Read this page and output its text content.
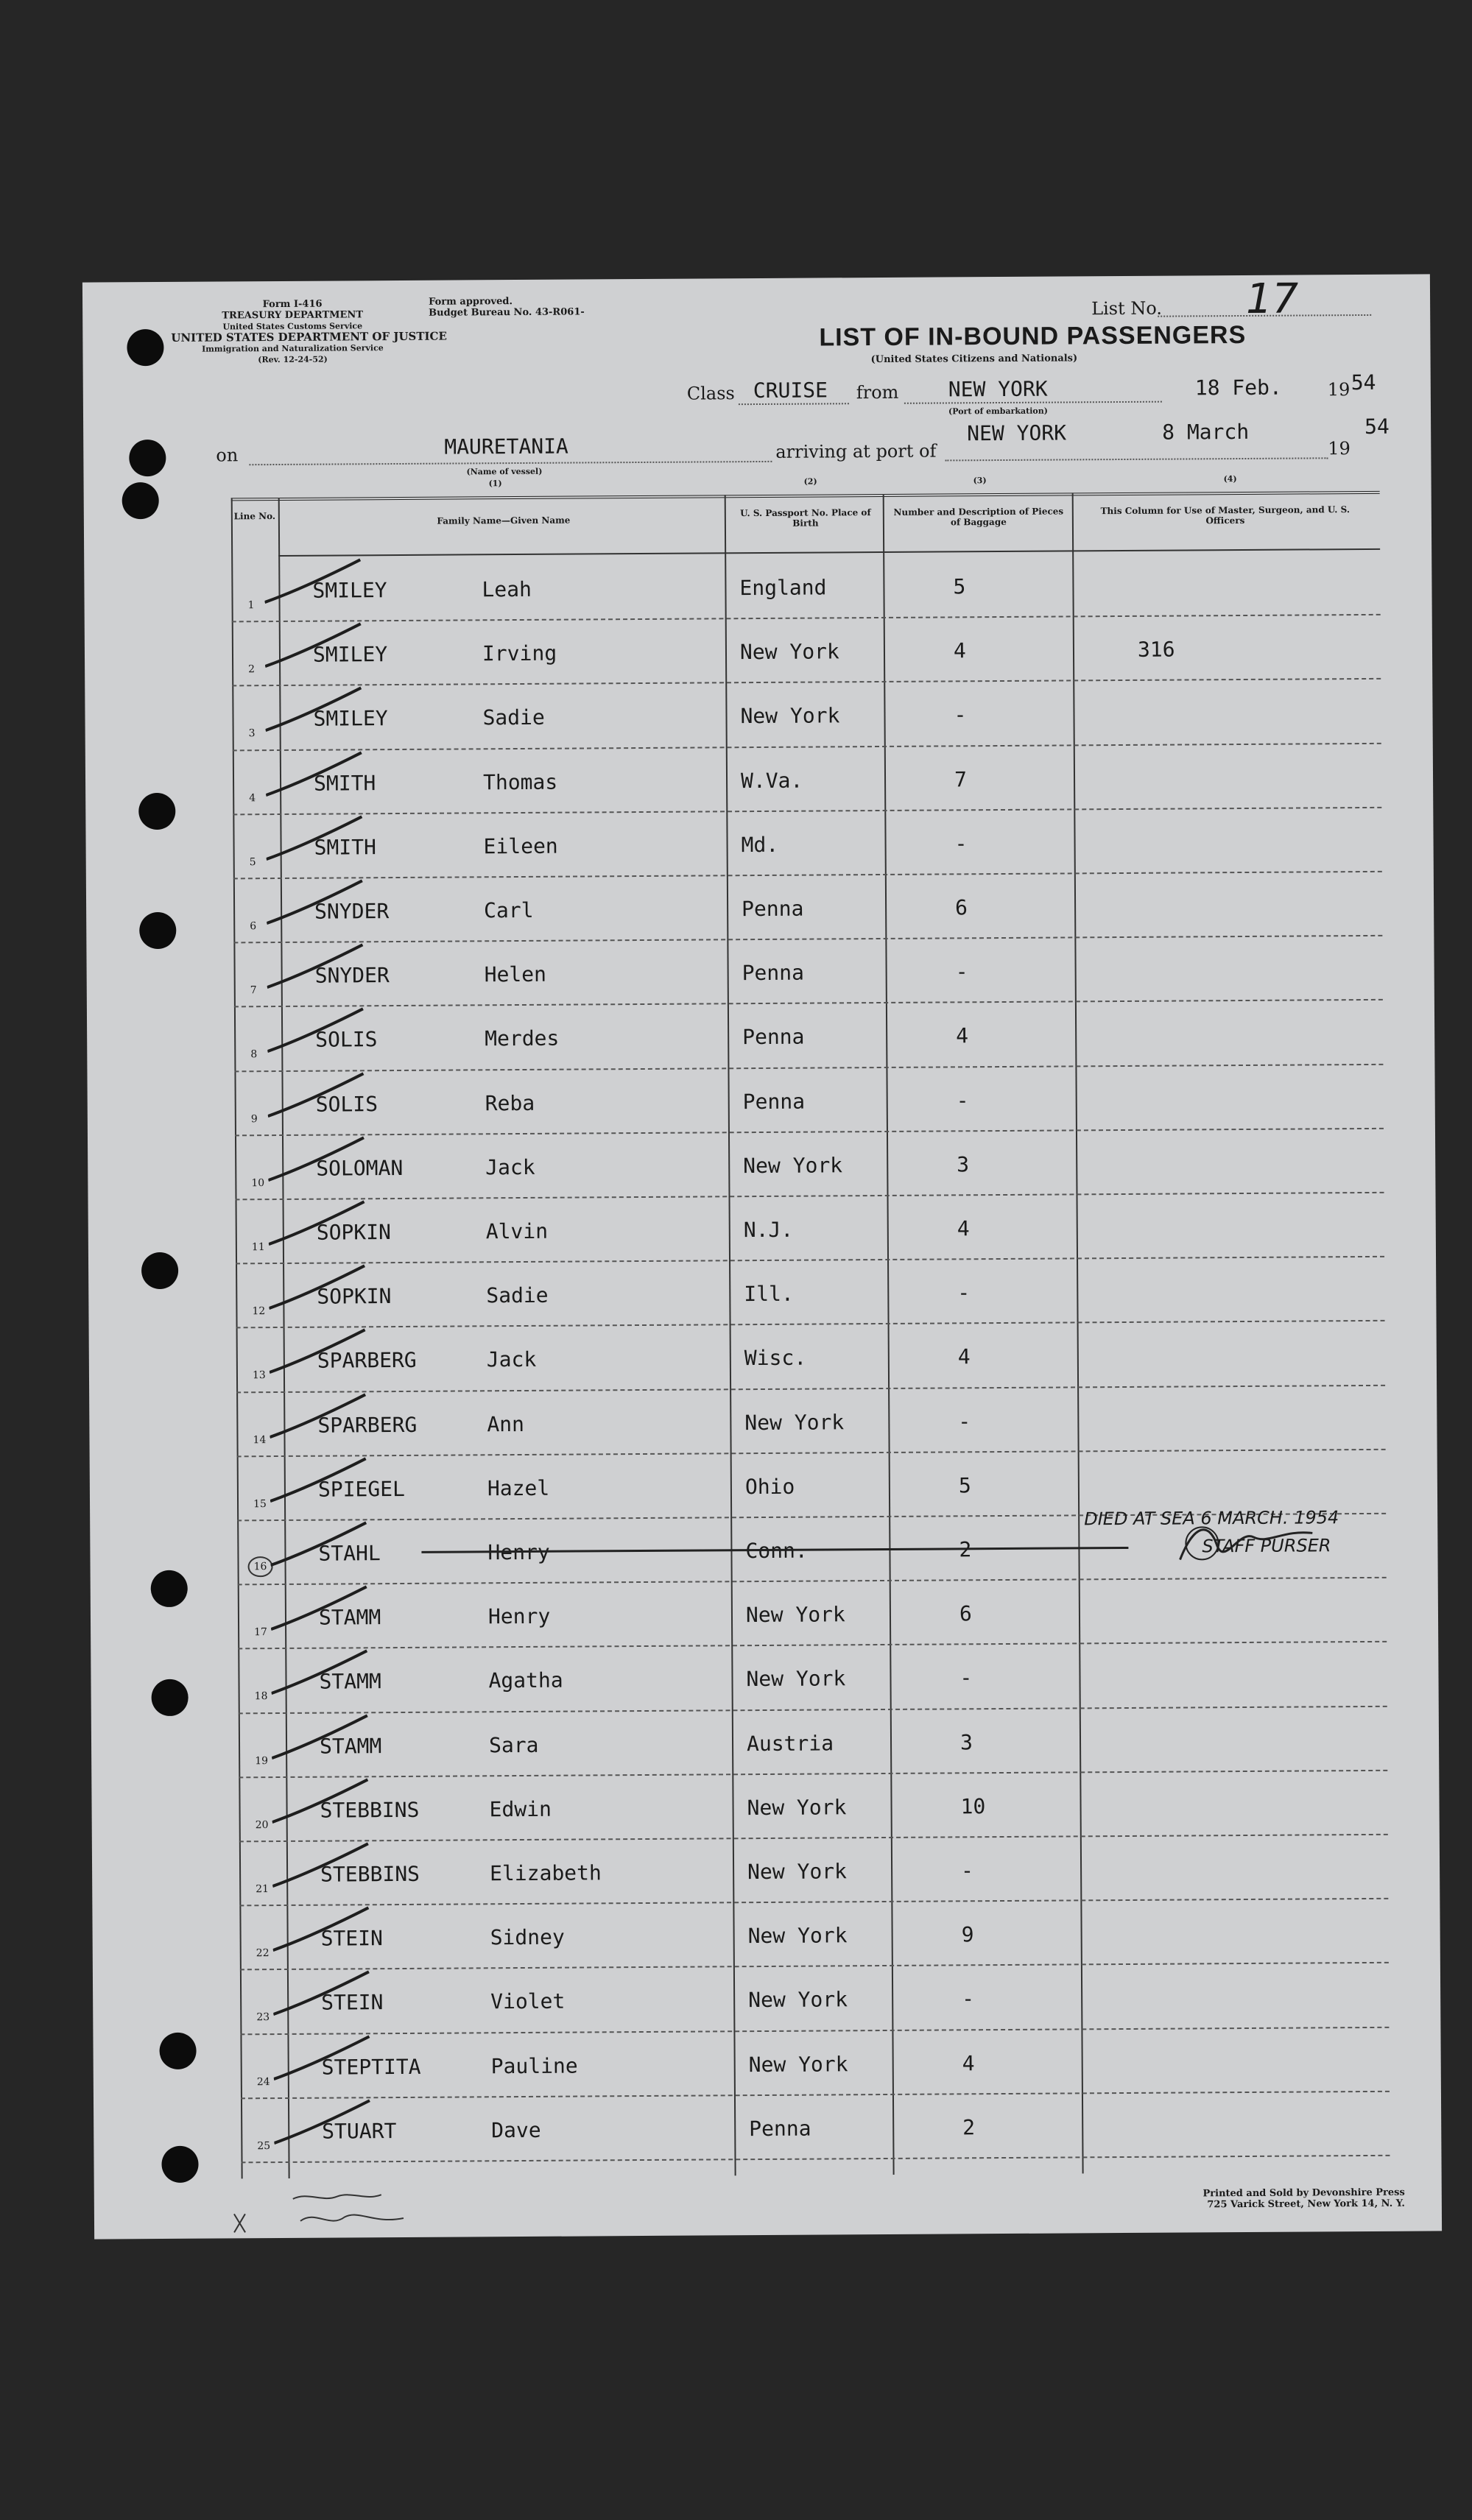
Form I-416
TREASURY DEPARTMENT
United States Customs Service
UNITED STATES DEPARTMENT OF JUSTICE
Immigration and Naturalization Service
(Rev. 12-24-52)
Form approved.
Budget Bureau No. 43-R061-	List No. 17
LIST OF IN-BOUND PASSENGERS
(United States Citizens and Nationals)
Class CRUISE from NEW YORK
(Port of embarkation)
18 Feb.	19 54
on	MAURETANIA
(Name of vessel)
arriving at port of
NEW YORK	8 March
19
54
(1)	(2)	(3)	(4)
Line No.	Family Name—Given Name
U. S. Passport No. Place of Birth
Number and Description of Pieces of Baggage
This Column for Use of Master, Surgeon, and U. S. Officers
1
SMILEY	Leah	England	5
2
SMILEY	Irving	New York	4	316
3
SMILEY	Sadie	New York	-
4
SMITH	Thomas	W.Va.	7
5
SMITH	Eileen	Md.	-
6
SNYDER	Carl	Penna	6
7
SNYDER	Helen	Penna	-
8
SOLIS	Merdes	Penna	4
9
SOLIS	Reba	Penna	-
10
SOLOMAN	Jack	New York	3
11
SOPKIN	Alvin	N.J.	4
12
SOPKIN	Sadie	Ill.	-
13
SPARBERG	Jack	Wisc.	4
14
SPARBERG	Ann	New York	-
15
SPIEGEL	Hazel	Ohio	5
16
STAHL	Henry	Conn.	2
17
STAMM	Henry	New York	6
18
STAMM	Agatha	New York	-
19
STAMM	Sara	Austria	3
20
STEBBINS	Edwin	New York	10
21
STEBBINS	Elizabeth	New York	-
22
STEIN	Sidney	New York	9
23
STEIN	Violet	New York	-
24
STEPTITA	Pauline	New York	4
25
STUART	Dave	Penna	2
DIED AT SEA 6 MARCH. 1954
STAFF PURSER
Printed and Sold by Devonshire Press
725 Varick Street, New York 14, N. Y.
